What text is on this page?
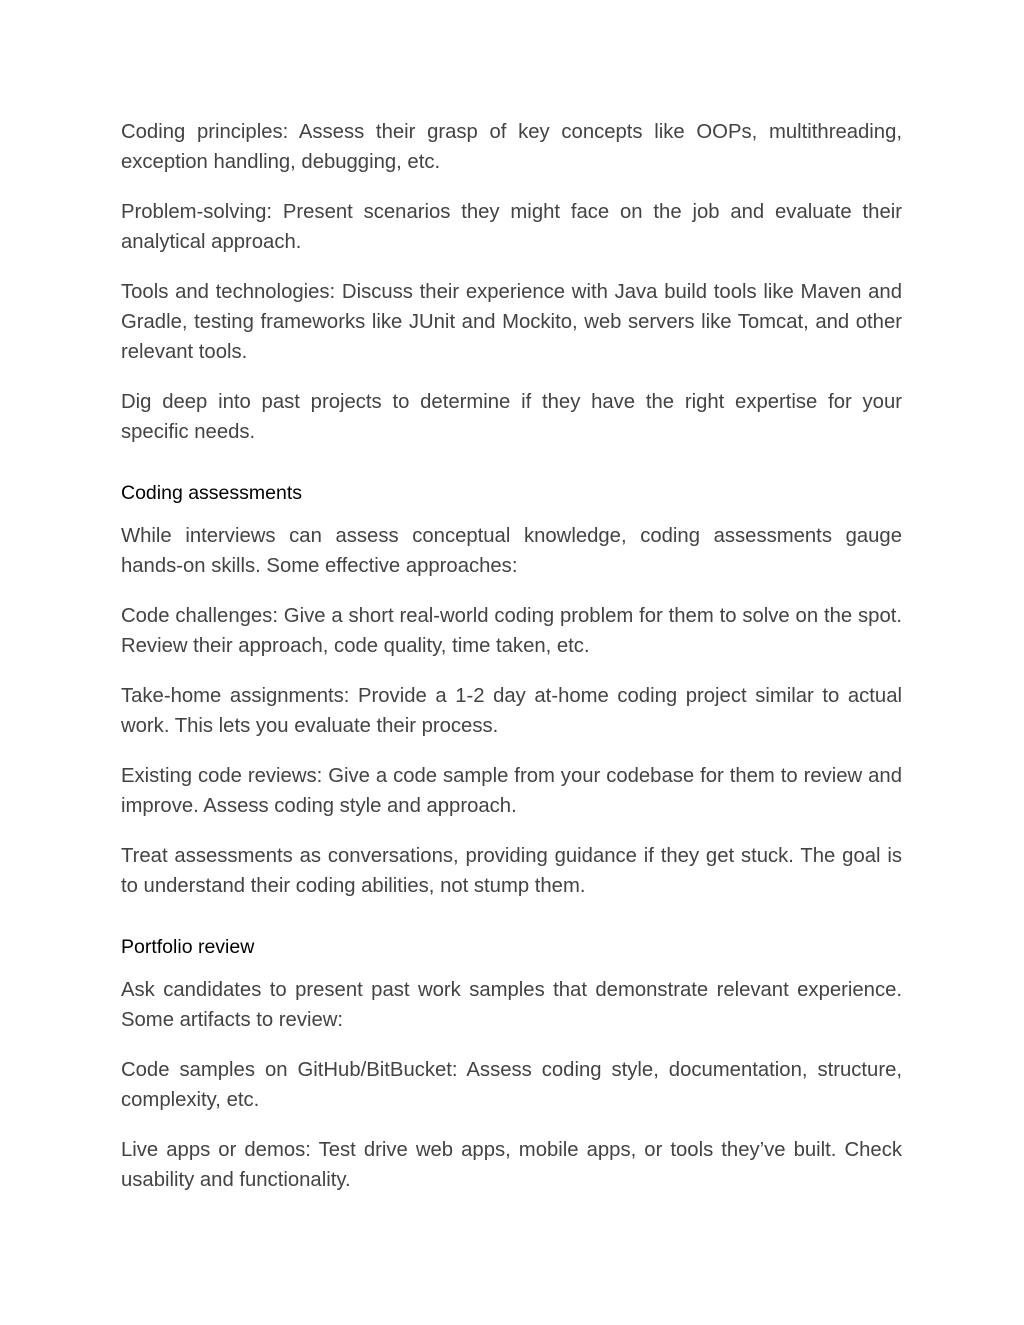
Coding principles: Assess their grasp of key concepts like OOPs, multithreading, exception handling, debugging, etc.

Problem-solving: Present scenarios they might face on the job and evaluate their analytical approach.

Tools and technologies: Discuss their experience with Java build tools like Maven and Gradle, testing frameworks like JUnit and Mockito, web servers like Tomcat, and other relevant tools.

Dig deep into past projects to determine if they have the right expertise for your specific needs.

Coding assessments

While interviews can assess conceptual knowledge, coding assessments gauge hands-on skills. Some effective approaches:

Code challenges: Give a short real-world coding problem for them to solve on the spot. Review their approach, code quality, time taken, etc.

Take-home assignments: Provide a 1-2 day at-home coding project similar to actual work. This lets you evaluate their process.

Existing code reviews: Give a code sample from your codebase for them to review and improve. Assess coding style and approach.

Treat assessments as conversations, providing guidance if they get stuck. The goal is to understand their coding abilities, not stump them.

Portfolio review

Ask candidates to present past work samples that demonstrate relevant experience. Some artifacts to review:

Code samples on GitHub/BitBucket: Assess coding style, documentation, structure, complexity, etc.

Live apps or demos: Test drive web apps, mobile apps, or tools they’ve built. Check usability and functionality.
